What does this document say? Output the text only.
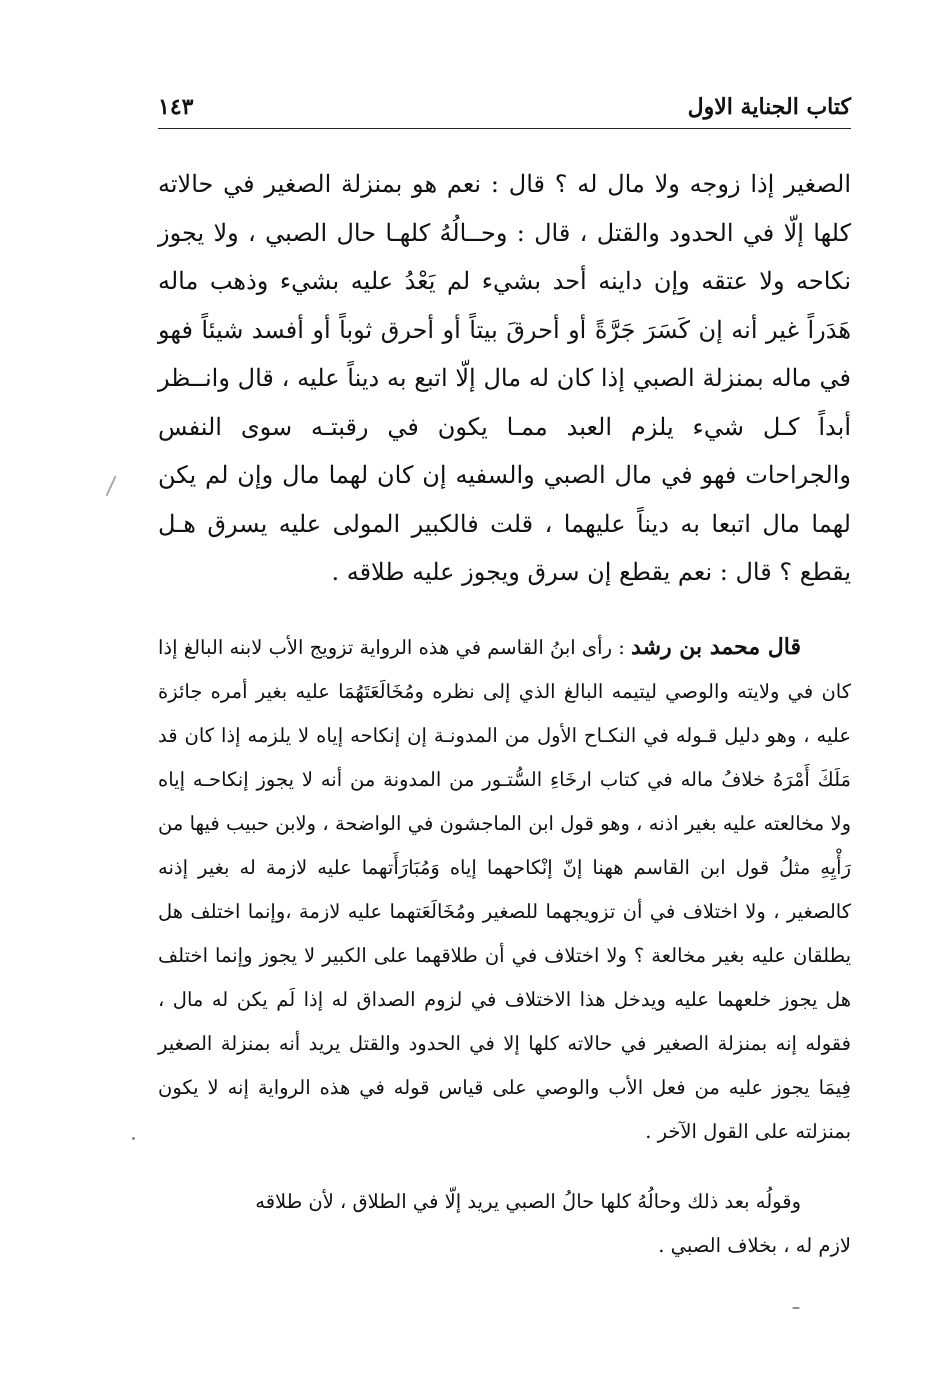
كتاب الجناية الاول
١٤٣

الصغير إذا زوجه ولا مال له ؟ قال : نعم هو بمنزلة الصغير في حالاته كلها إلّا في الحدود والقتل ، قال : وحــالُهُ كلهـا حال الصبي ، ولا يجوز نكاحه ولا عتقه وإن داينه أحد بشيء لم يَعْدُ عليه بشيء وذهب ماله هَدَراً غير أنه إن كَسَرَ جَرَّةً أو أحرقَ بيتاً أو أحرق ثوباً أو أفسد شيئاً فهو في ماله بمنزلة الصبي إذا كان له مال إلّا اتبع به ديناً عليه ، قال وانــظر أبداً كـل شيء يلزم العبد ممـا يكون في رقبتـه سوى النفس والجراحات فهو في مال الصبي والسفيه إن كان لهما مال وإن لم يكن لهما مال اتبعا به ديناً عليهما ، قلت فالكبير المولى عليه يسرق هـل يقطع ؟ قال : نعم يقطع إن سرق ويجوز عليه طلاقه .

قال محمد بن رشد : رأى ابنُ القاسم في هذه الرواية تزويج الأب لابنه البالغ إذا كان في ولايته والوصي ليتيمه البالغ الذي إلى نظره ومُخَالَعَتَهُمَا عليه بغير أمره جائزة عليه ، وهو دليل قـوله في النكـاح الأول من المدونـة إن إنكاحه إياه لا يلزمه إذا كان قد مَلَكَ أَمْرَهُ خلافُ ماله في كتاب ارخَاءِ السُّتـور من المدونة من أنه لا يجوز إنكاحـه إياه ولا مخالعته عليه بغير اذنه ، وهو قول ابن الماجشون في الواضحة ، ولابن حبيب فيها من رَأْيِهِ مثلُ قول ابن القاسم ههنا إنّ إنْكاحهما إياه وَمُبَارَأَتهما عليه لازمة له بغير إذنه كالصغير ، ولا اختلاف في أن تزويجهما للصغير ومُخَالَعَتهما عليه لازمة ،وإنما اختلف هل يطلقان عليه بغير مخالعة ؟ ولا اختلاف في أن طلاقهما على الكبير لا يجوز وإنما اختلف هل يجوز خلعهما عليه ويدخل هذا الاختلاف في لزوم الصداق له إذا لَم يكن له مال ، فقوله إنه بمنزلة الصغير في حالاته كلها إلا في الحدود والقتل يريد أنه بمنزلة الصغير فِيمَا يجوز عليه من فعل الأب والوصي على قياس قوله في هذه الرواية إنه لا يكون بمنزلته على القول الآخر .

وقولُه بعد ذلك وحالُهُ كلها حالُ الصبي يريد إلّا في الطلاق ، لأن طلاقه

لازم له ، بخلاف الصبي .
